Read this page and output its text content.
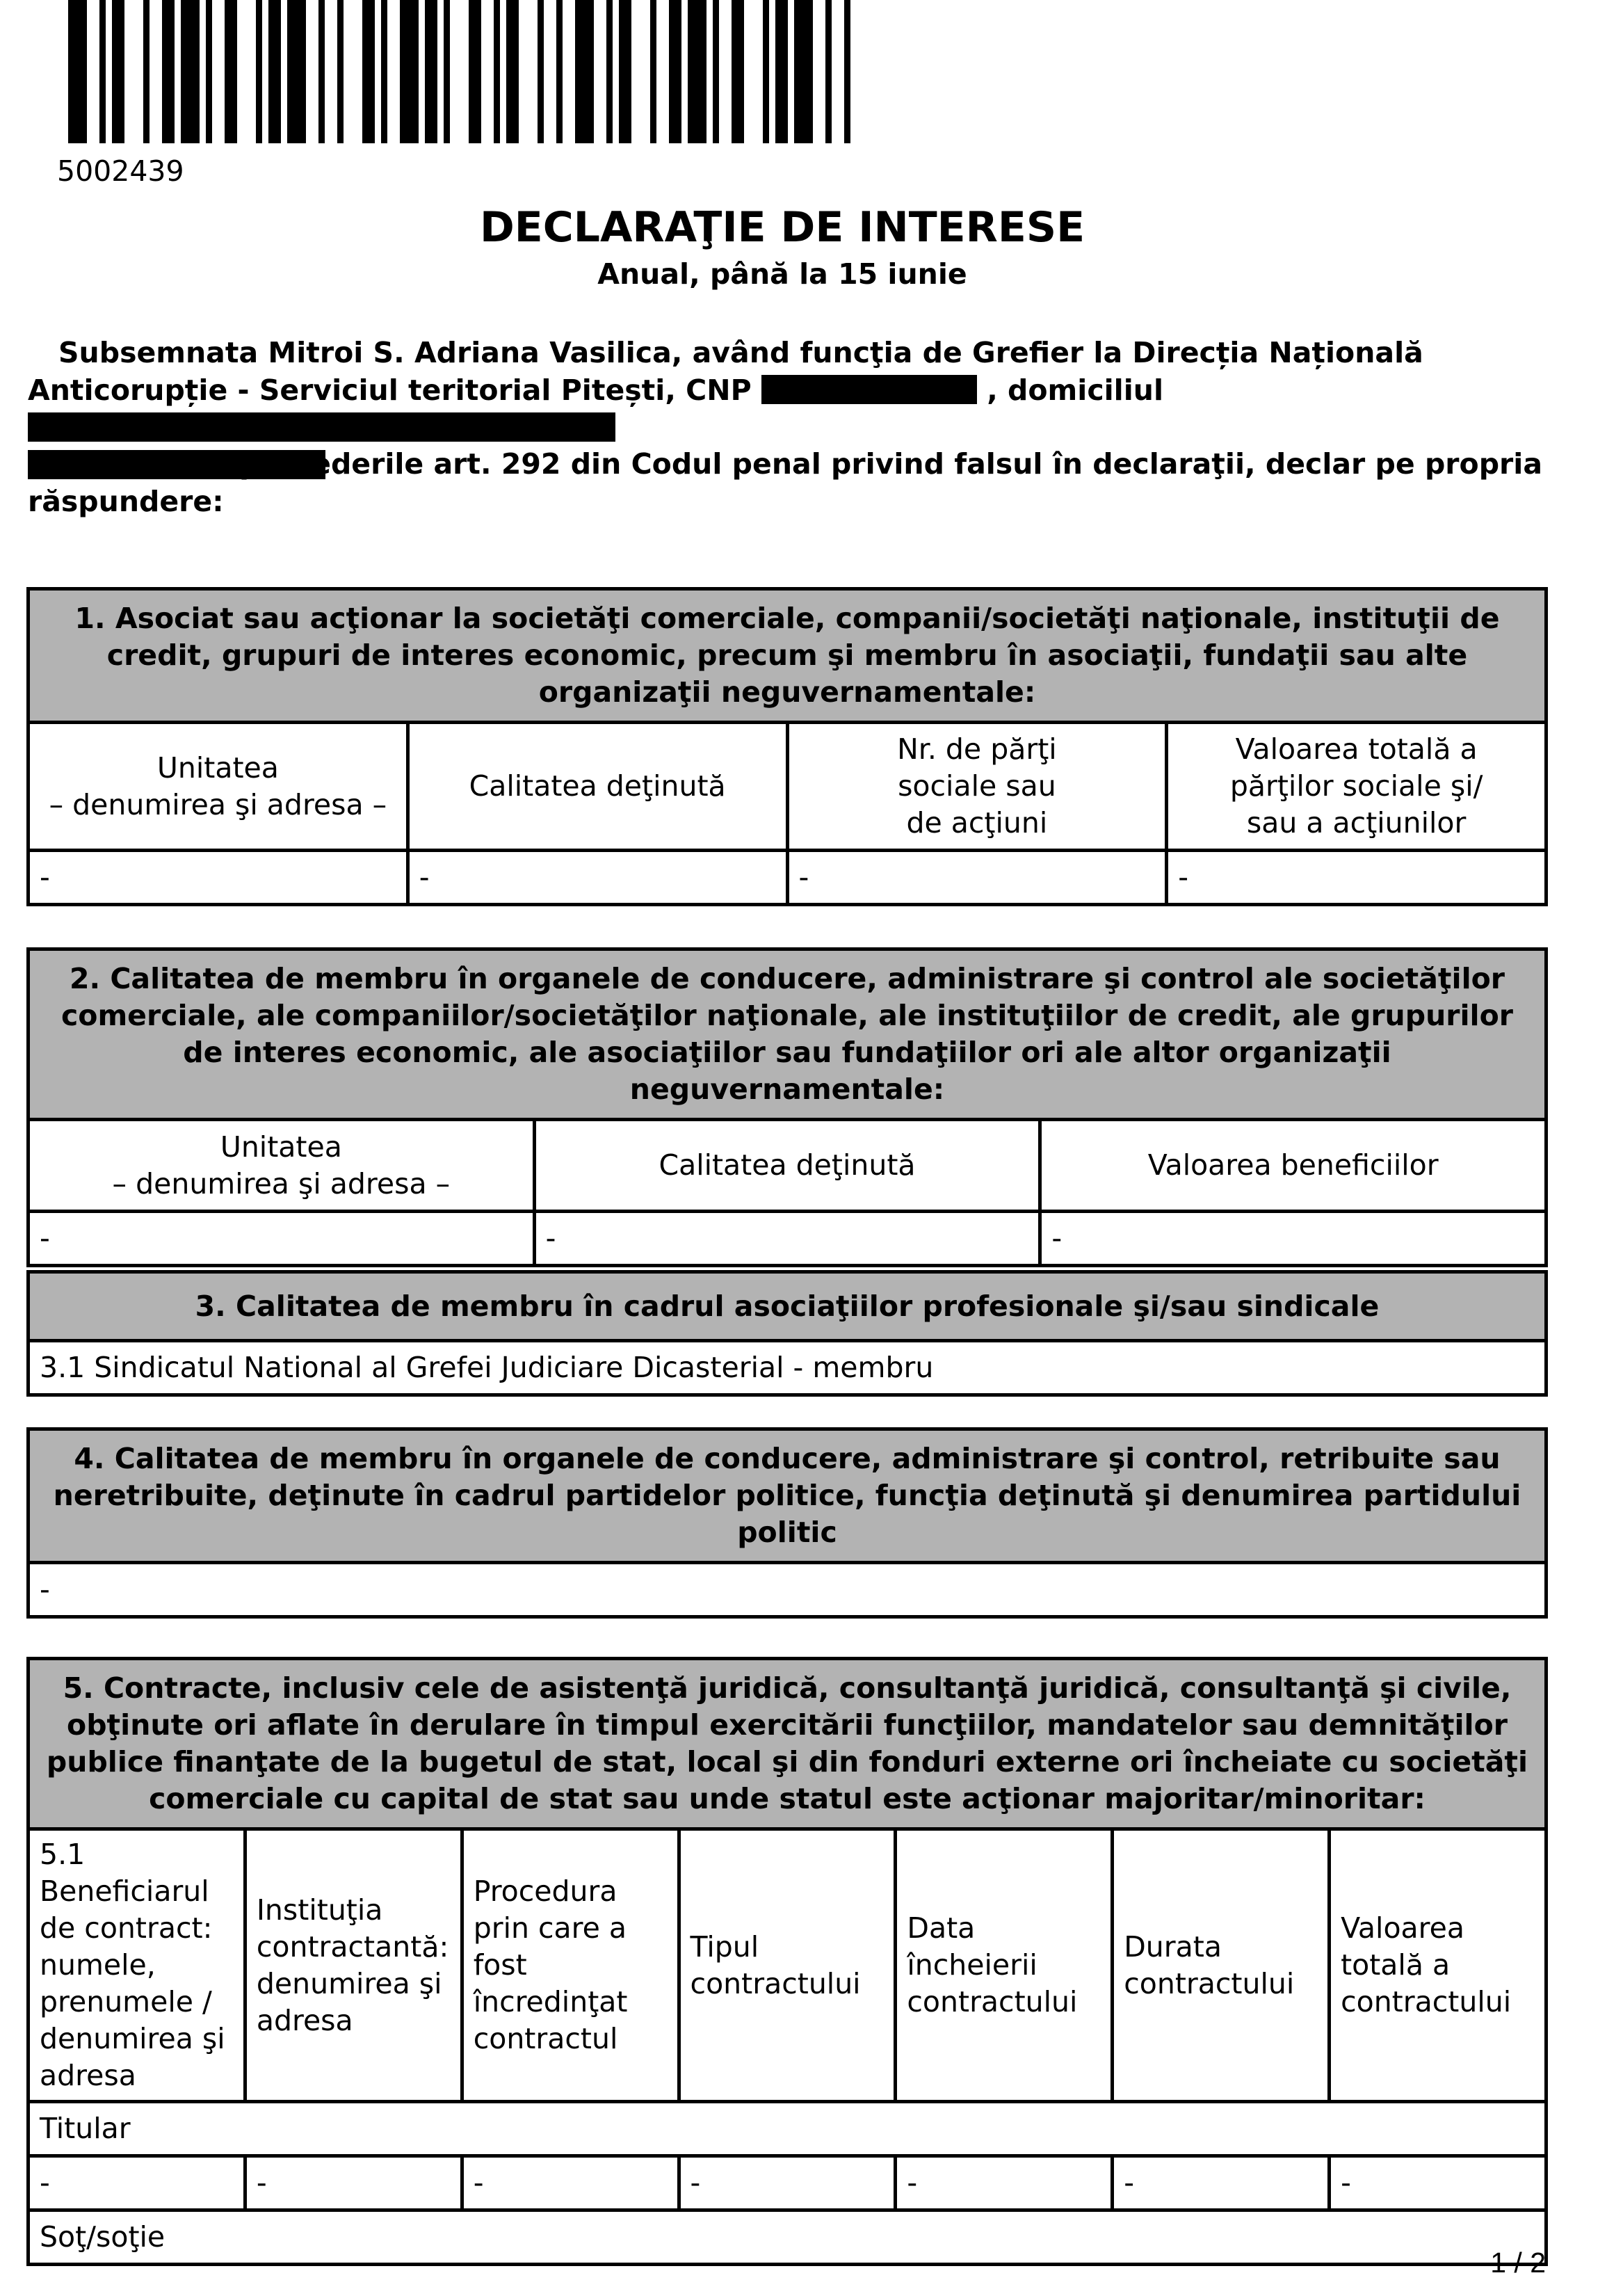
5002439
DECLARAŢIE DE INTERESE
Anual, până la 15 iunie
Subsemnata Mitroi S. Adriana Vasilica, având funcţia de Grefier la Direcția Națională Anticorupție - Serviciul teritorial Pitești, CNP	, domiciliul

cunoscând prevederile art. 292 din Codul penal privind falsul în declaraţii, declar pe propria răspundere:
1. Asociat sau acţionar la societăţi comerciale, companii/societăţi naţionale, instituţii de credit, grupuri de interes economic, precum şi membru în asociaţii, fundaţii sau alte organizaţii neguvernamentale:			
Unitatea
– denumirea şi adresa –	Calitatea deţinută	Nr. de părţi
sociale sau
de acţiuni	Valoarea totală a
părţilor sociale şi/
sau a acţiunilor
-	-	-	-
2. Calitatea de membru în organele de conducere, administrare şi control ale societăţilor comerciale, ale companiilor/societăţilor naţionale, ale instituţiilor de credit, ale grupurilor de interes economic, ale asociaţiilor sau fundaţiilor ori ale altor organizaţii neguvernamentale:		
Unitatea
– denumirea şi adresa –	Calitatea deţinută	Valoarea beneficiilor
-	-	-
3. Calitatea de membru în cadrul asociaţiilor profesionale şi/sau sindicale
3.1 Sindicatul National al Grefei Judiciare Dicasterial - membru
4. Calitatea de membru în organele de conducere, administrare şi control, retribuite sau neretribuite, deţinute în cadrul partidelor politice, funcţia deţinută şi denumirea partidului politic
-
5. Contracte, inclusiv cele de asistenţă juridică, consultanţă juridică, consultanţă şi civile, obţinute ori aflate în derulare în timpul exercitării funcţiilor, mandatelor sau demnităţilor publice finanţate de la bugetul de stat, local şi din fonduri externe ori încheiate cu societăţi comerciale cu capital de stat sau unde statul este acţionar majoritar/minoritar:						
5.1 Beneficiarul de contract: numele, prenumele / denumirea şi adresa	Instituţia contractantă: denumirea şi adresa	Procedura prin care a fost încredinţat contractul	Tipul contractului	Data încheierii contractului	Durata contractului	Valoarea totală a contractului
Titular						
-	-	-	-	-	-	-
Soţ/soţie						
1 / 2
